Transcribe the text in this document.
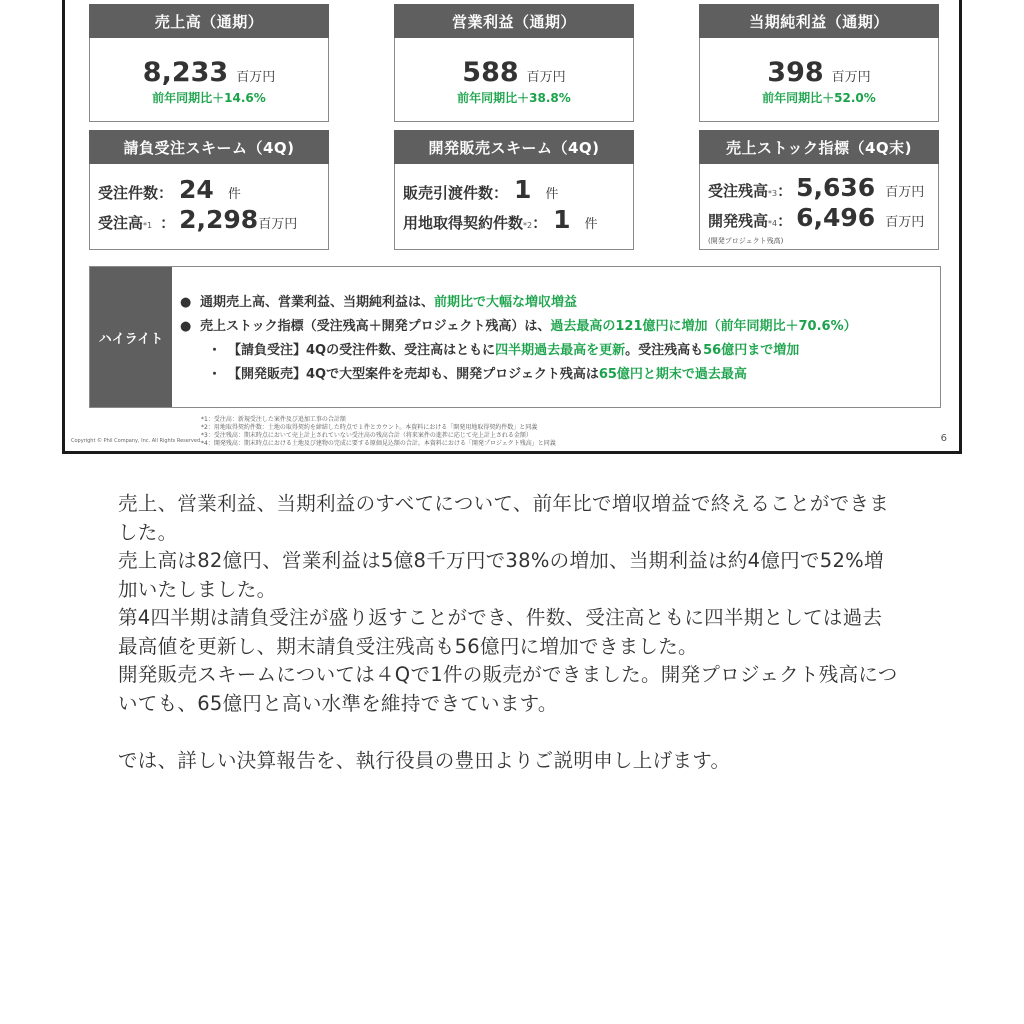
売上高（通期）
8,233 百万円
前年同期比＋14.6%
営業利益（通期）
588 百万円
前年同期比＋38.8%
当期純利益（通期）
398 百万円
前年同期比＋52.0%
請負受注スキーム（4Q)
受注件数： 24 件
受注高 *1 ： 2,298 百万円
開発販売スキーム（4Q)
販売引渡件数： 1 件
用地取得契約件数 *2 ： 1 件
売上ストック指標（4Q末)
受注残高 *3 ： 5,636 百万円
開発残高 *4 ： 6,496 百万円
(開発プロジェクト残高)
ハイライト
● 通期売上高、営業利益、当期純利益は、前期比で大幅な増収増益
● 売上ストック指標（受注残高＋開発プロジェクト残高）は、過去最高の121億円に増加（前年同期比＋70.6%）
・ 【請負受注】4Qの受注件数、受注高はともに四半期過去最高を更新。受注残高も56億円まで増加
・ 【開発販売】4Qで大型案件を売却も、開発プロジェクト残高は65億円と期末で過去最高
*1：受注高：新規受注した案件及び追加工事の合計額
*2：用地取得契約件数：土地の取得契約を締結した時点で１件とカウント。本資料における「開発用地取得契約件数」と同義
*3：受注残高：期末時点において売上計上されていない受注高の残高合計（将来案件の進捗に応じて売上計上される金額）
*4：開発残高：期末時点における土地及び建物の完成に要する原価見込額の合計。本資料における「開発プロジェクト残高」と同義
Copyright © Phil Company, Inc. All Rights Reserved.	6

売上、営業利益、当期利益のすべてについて、前年比で増収増益で終えることができました。

売上高は82億円、営業利益は5億8千万円で38%の増加、当期利益は約4億円で52%増加いたしました。

第4四半期は請負受注が盛り返すことができ、件数、受注高ともに四半期としては過去最高値を更新し、期末請負受注残高も56億円に増加できました。

開発販売スキームについては４Qで1件の販売ができました。開発プロジェクト残高についても、65億円と高い水準を維持できています。

では、詳しい決算報告を、執行役員の豊田よりご説明申し上げます。
